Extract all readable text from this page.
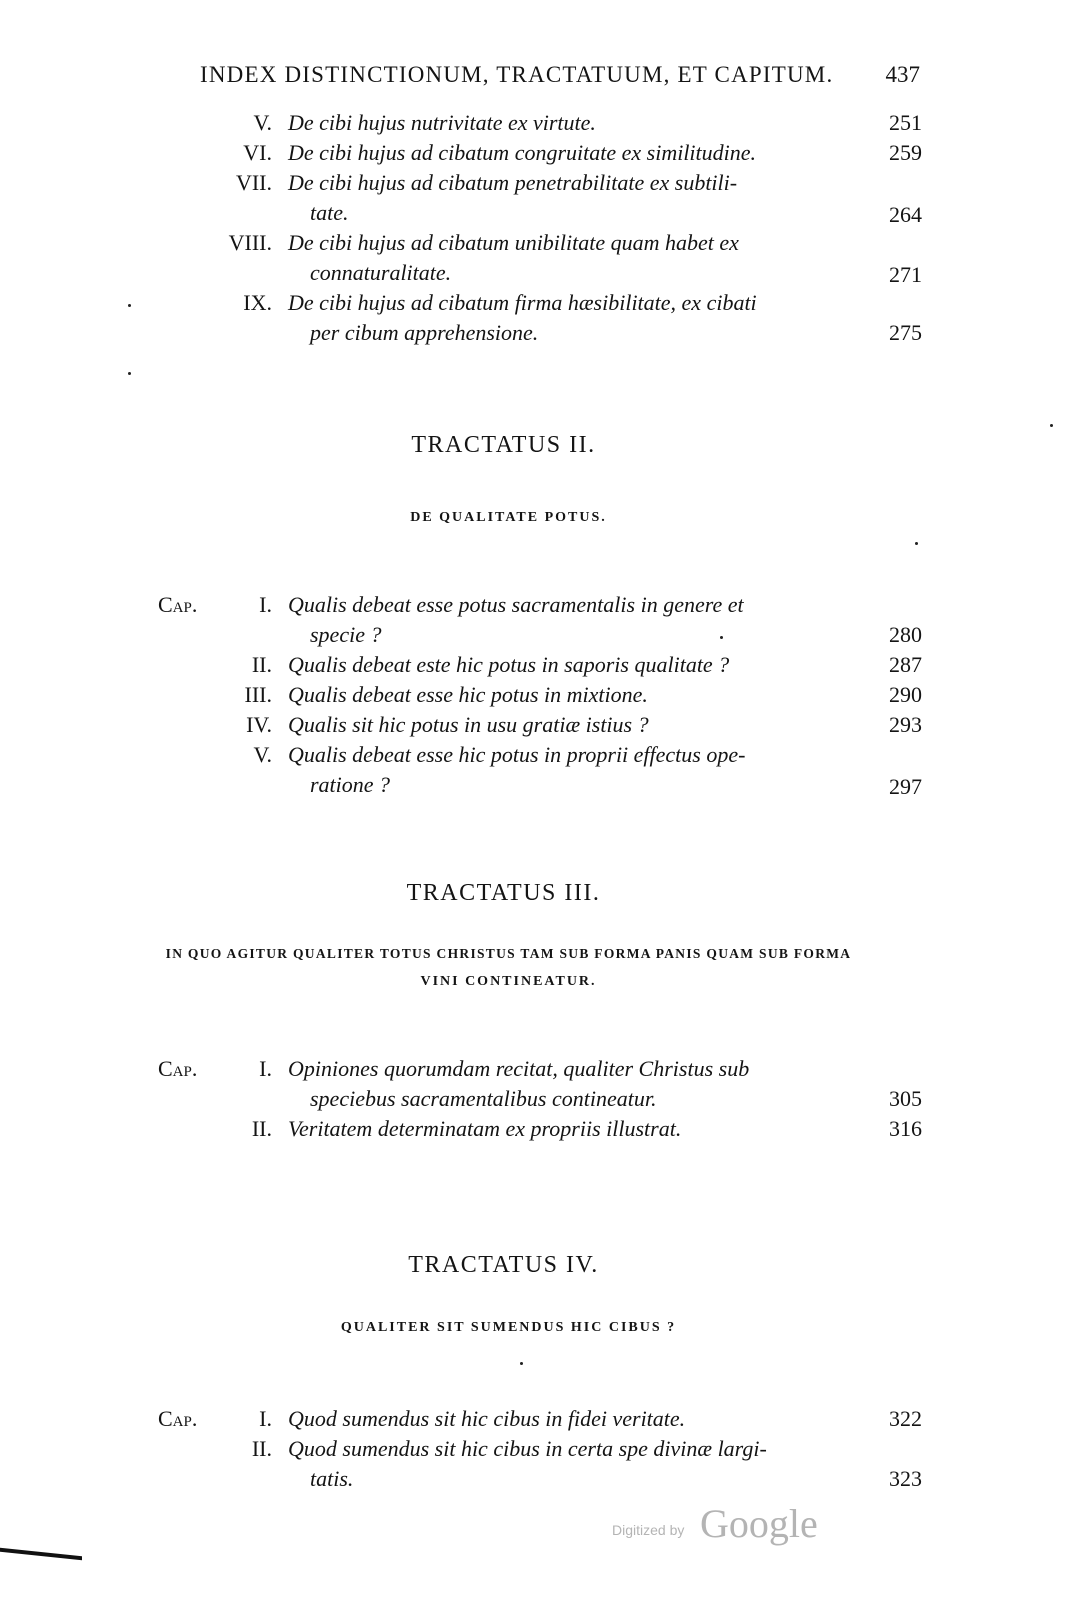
INDEX DISTINCTIONUM, TRACTATUUM, ET CAPITUM. 437
V. De cibi hujus nutrivitate ex virtute.	251
VI. De cibi hujus ad cibatum congruitate ex similitudine.	259
VII. De cibi hujus ad cibatum penetrabilitate ex subtili-
tate.	264
VIII. De cibi hujus ad cibatum unibilitate quam habet ex
connaturalitate.	271
IX. De cibi hujus ad cibatum firma hæsibilitate, ex cibati
per cibum apprehensione.	275
TRACTATUS II.
DE QUALITATE POTUS.
Cap.	I. Qualis debeat esse potus sacramentalis in genere et
specie ?	280
II. Qualis debeat este hic potus in saporis qualitate ?	287
III. Qualis debeat esse hic potus in mixtione.	290
IV. Qualis sit hic potus in usu gratiæ istius ?	293
V. Qualis debeat esse hic potus in proprii effectus ope-
ratione ?	297
TRACTATUS III.
IN QUO AGITUR QUALITER TOTUS CHRISTUS TAM SUB FORMA PANIS QUAM SUB FORMA
VINI CONTINEATUR.
Cap.	I. Opiniones quorumdam recitat, qualiter Christus sub
speciebus sacramentalibus contineatur.	305
II. Veritatem determinatam ex propriis illustrat.	316
TRACTATUS IV.
QUALITER SIT SUMENDUS HIC CIBUS ?
Cap.	I. Quod sumendus sit hic cibus in fidei veritate.	322
II. Quod sumendus sit hic cibus in certa spe divinæ largi-
tatis.	323
Digitized by Google
